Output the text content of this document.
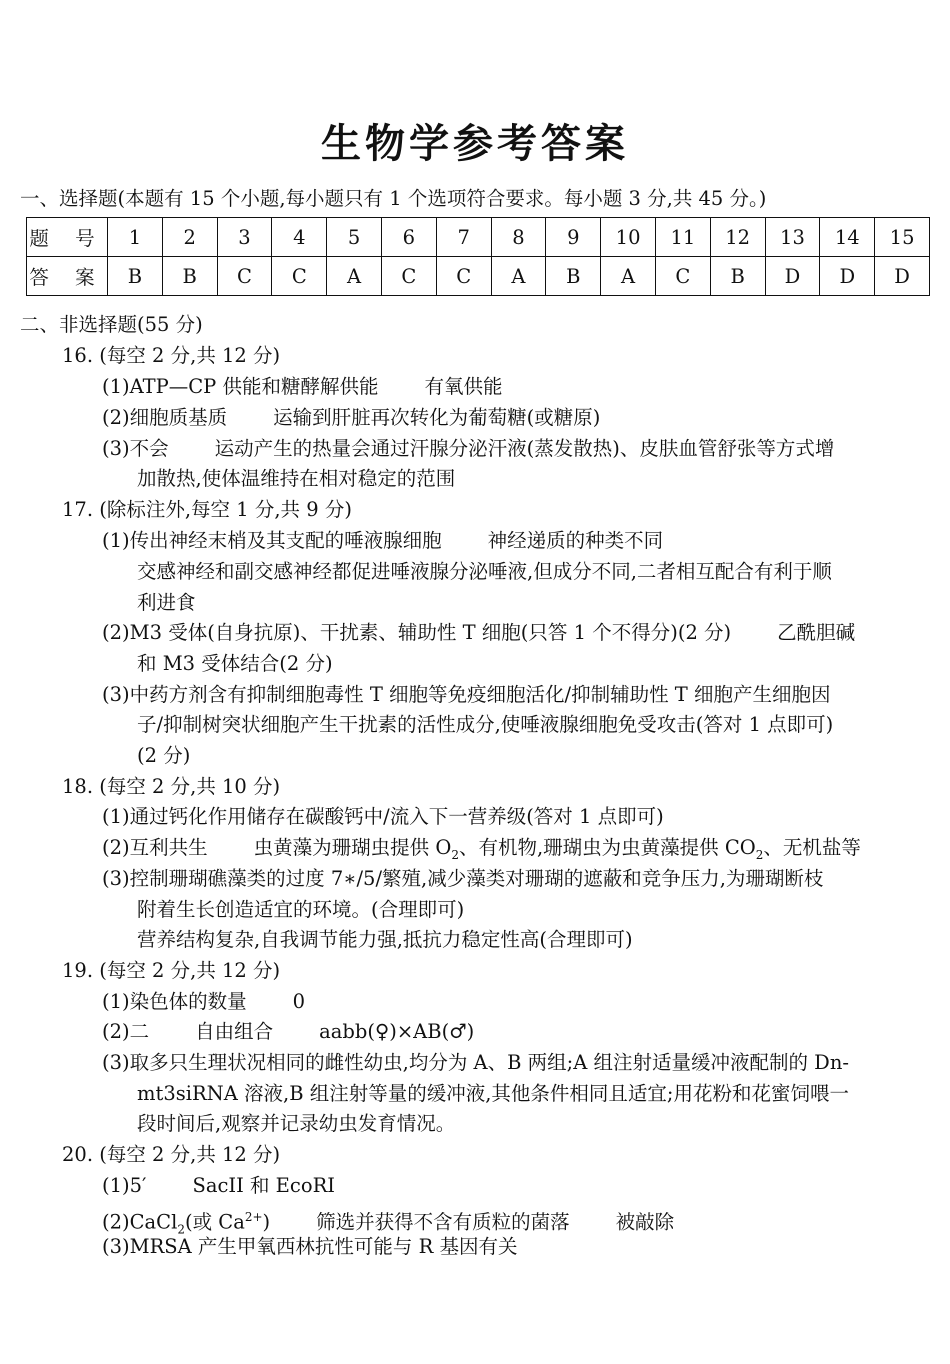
生物学参考答案
一、选择题(本题有 15 个小题,每小题只有 1 个选项符合要求。每小题 3 分,共 45 分。)
题 号	1	2	3	4	5	6	7	8	9	10	11	12	13	14	15
答 案	B	B	C	C	A	C	C	A	B	A	C	B	D	D	D
二、非选择题(55 分)
16. (每空 2 分,共 12 分)
(1)ATP—CP 供能和糖酵解供能 有氧供能
(2)细胞质基质 运输到肝脏再次转化为葡萄糖(或糖原)
(3)不会 运动产生的热量会通过汗腺分泌汗液(蒸发散热)、皮肤血管舒张等方式增
加散热,使体温维持在相对稳定的范围
17. (除标注外,每空 1 分,共 9 分)
(1)传出神经末梢及其支配的唾液腺细胞 神经递质的种类不同
交感神经和副交感神经都促进唾液腺分泌唾液,但成分不同,二者相互配合有利于顺
利进食
(2)M3 受体(自身抗原)、干扰素、辅助性 T 细胞(只答 1 个不得分)(2 分) 乙酰胆碱
和 M3 受体结合(2 分)
(3)中药方剂含有抑制细胞毒性 T 细胞等免疫细胞活化/抑制辅助性 T 细胞产生细胞因
子/抑制树突状细胞产生干扰素的活性成分,使唾液腺细胞免受攻击(答对 1 点即可)
(2 分)
18. (每空 2 分,共 10 分)
(1)通过钙化作用储存在碳酸钙中/流入下一营养级(答对 1 点即可)
(2)互利共生 虫黄藻为珊瑚虫提供 $O_2$、有机物,珊瑚虫为虫黄藻提供 $CO_2$、无机盐等
(3)控制珊瑚礁藻类的过度 7∗/5/繁殖,减少藻类对珊瑚的遮蔽和竞争压力,为珊瑚断枝
附着生长创造适宜的环境。(合理即可)
营养结构复杂,自我调节能力强,抵抗力稳定性高(合理即可)
19. (每空 2 分,共 12 分)
(1)染色体的数量 0
(2)二 自由组合 aabb(♀)×AB(♂)
(3)取多只生理状况相同的雌性幼虫,均分为 A、B 两组;A 组注射适量缓冲液配制的 Dn-
mt3siRNA 溶液,B 组注射等量的缓冲液,其他条件相同且适宜;用花粉和花蜜饲喂一
段时间后,观察并记录幼虫发育情况。
20. (每空 2 分,共 12 分)
(1)5′ SacII 和 EcoRI
(2)CaCl$_2$(或 $Ca^{2+}$) 筛选并获得不含有质粒的菌落 被敲除
(3)MRSA 产生甲氧西林抗性可能与 R 基因有关
